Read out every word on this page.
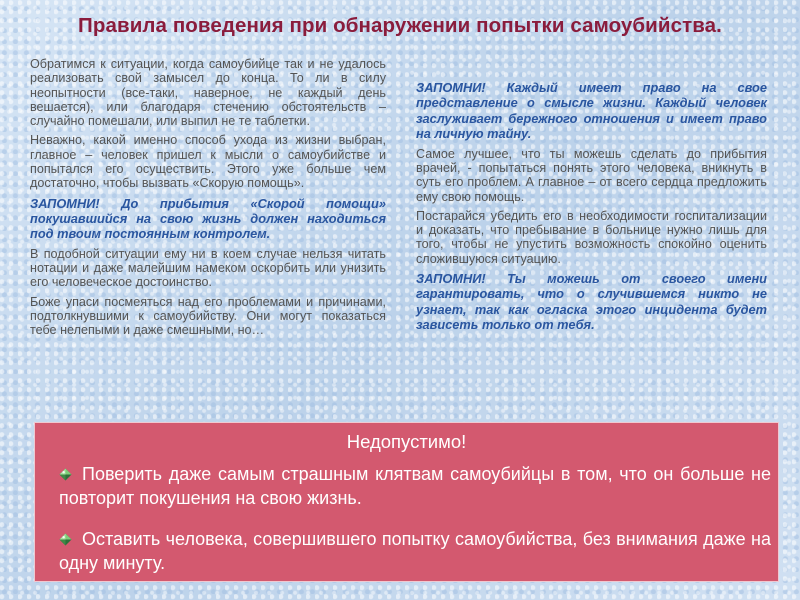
Правила поведения при обнаружении попытки самоубийства.

Обратимся к ситуации, когда самоубийце так и не удалось реализовать свой замысел до конца. То ли в силу неопытности (все-таки, наверное, не каждый день вешается), или благодаря стечению обстоятельств – случайно помешали, или выпил не те таблетки.

Неважно, какой именно способ ухода из жизни выбран, главное – человек пришел к мысли о самоубийстве и попытался его осуществить. Этого уже больше чем достаточно, чтобы вызвать «Скорую помощь».

ЗАПОМНИ! До прибытия «Скорой помощи» покушавшийся на свою жизнь должен находиться под твоим постоянным контролем.

В подобной ситуации ему ни в коем случае нельзя читать нотации и даже малейшим намеком оскорбить или унизить его человеческое достоинство.

Боже упаси посмеяться над его проблемами и причинами, подтолкнувшими к самоубийству. Они могут показаться тебе нелепыми и даже смешными, но…

ЗАПОМНИ! Каждый имеет право на свое представление о смысле жизни. Каждый человек заслуживает бережного отношения и имеет право на личную тайну.

Самое лучшее, что ты можешь сделать до прибытия врачей, - попытаться понять этого человека, вникнуть в суть его проблем. А главное – от всего сердца предложить ему свою помощь.

Постарайся убедить его в необходимости госпитализации и доказать, что пребывание в больнице нужно лишь для того, чтобы не упустить возможность спокойно оценить сложившуюся ситуацию.

ЗАПОМНИ! Ты можешь от своего имени гарантировать, что о случившемся никто не узнает, так как огласка этого инцидента будет зависеть только от тебя.

Недопустимо!
Поверить даже самым страшным клятвам самоубийцы в том, что он больше не повторит покушения на свою жизнь.
Оставить человека, совершившего попытку самоубийства, без внимания даже на одну минуту.
